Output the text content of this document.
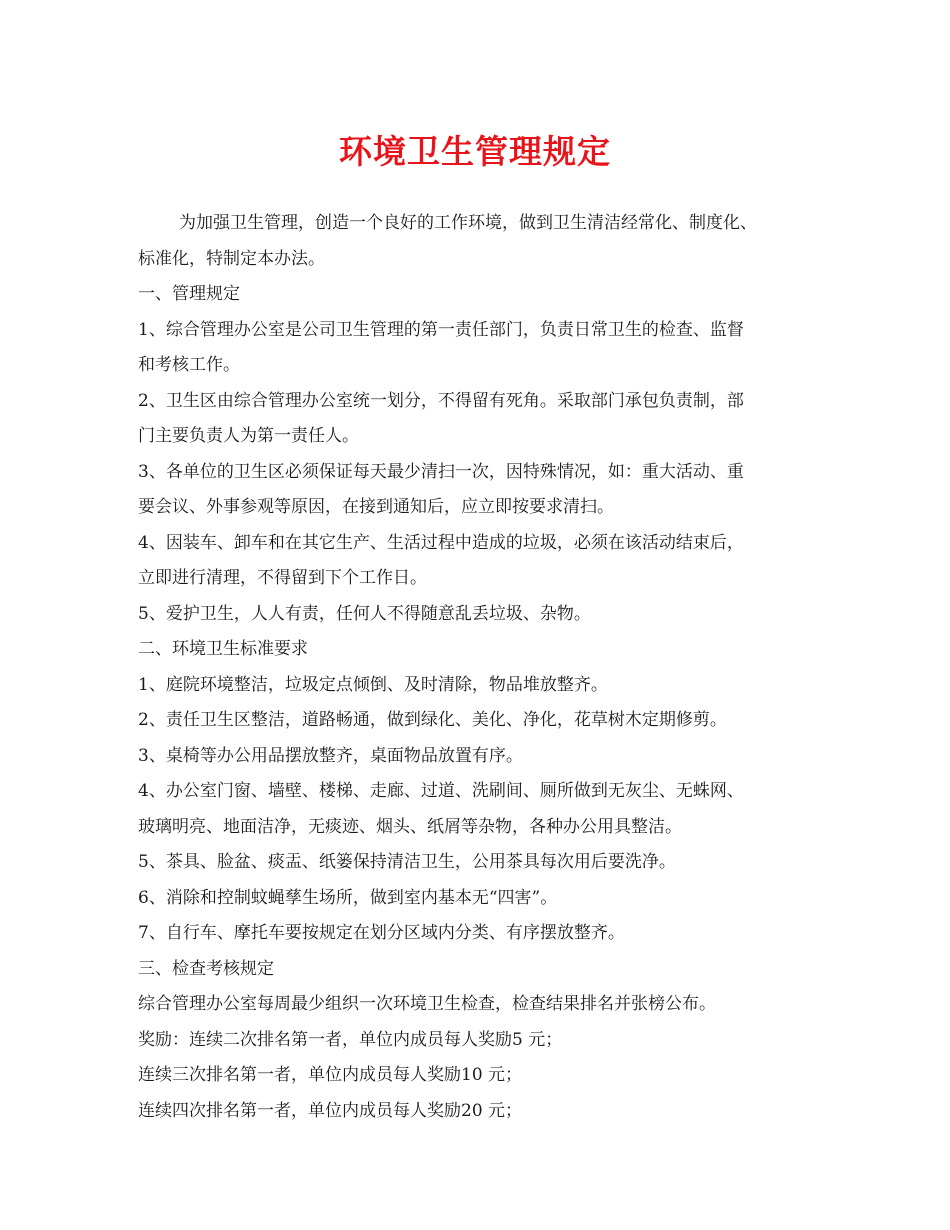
环境卫生管理规定
为加强卫生管理，创造一个良好的工作环境，做到卫生清洁经常化、制度化、
标准化，特制定本办法。
一、管理规定
1、综合管理办公室是公司卫生管理的第一责任部门，负责日常卫生的检查、监督
和考核工作。
2、卫生区由综合管理办公室统一划分，不得留有死角。采取部门承包负责制，部
门主要负责人为第一责任人。
3、各单位的卫生区必须保证每天最少清扫一次，因特殊情况，如：重大活动、重
要会议、外事参观等原因，在接到通知后，应立即按要求清扫。
4、因装车、卸车和在其它生产、生活过程中造成的垃圾，必须在该活动结束后，
立即进行清理，不得留到下个工作日。
5、爱护卫生，人人有责，任何人不得随意乱丢垃圾、杂物。
二、环境卫生标准要求
1、庭院环境整洁，垃圾定点倾倒、及时清除，物品堆放整齐。
2、责任卫生区整洁，道路畅通，做到绿化、美化、净化，花草树木定期修剪。
3、桌椅等办公用品摆放整齐，桌面物品放置有序。
4、办公室门窗、墙壁、楼梯、走廊、过道、洗刷间、厕所做到无灰尘、无蛛网、
玻璃明亮、地面洁净，无痰迹、烟头、纸屑等杂物，各种办公用具整洁。
5、茶具、脸盆、痰盂、纸篓保持清洁卫生，公用茶具每次用后要洗净。
6、消除和控制蚊蝇孳生场所，做到室内基本无“四害”。
7、自行车、摩托车要按规定在划分区域内分类、有序摆放整齐。
三、检查考核规定
综合管理办公室每周最少组织一次环境卫生检查，检查结果排名并张榜公布。
奖励：连续二次排名第一者，单位内成员每人奖励5 元；
连续三次排名第一者，单位内成员每人奖励10 元；
连续四次排名第一者，单位内成员每人奖励20 元；
